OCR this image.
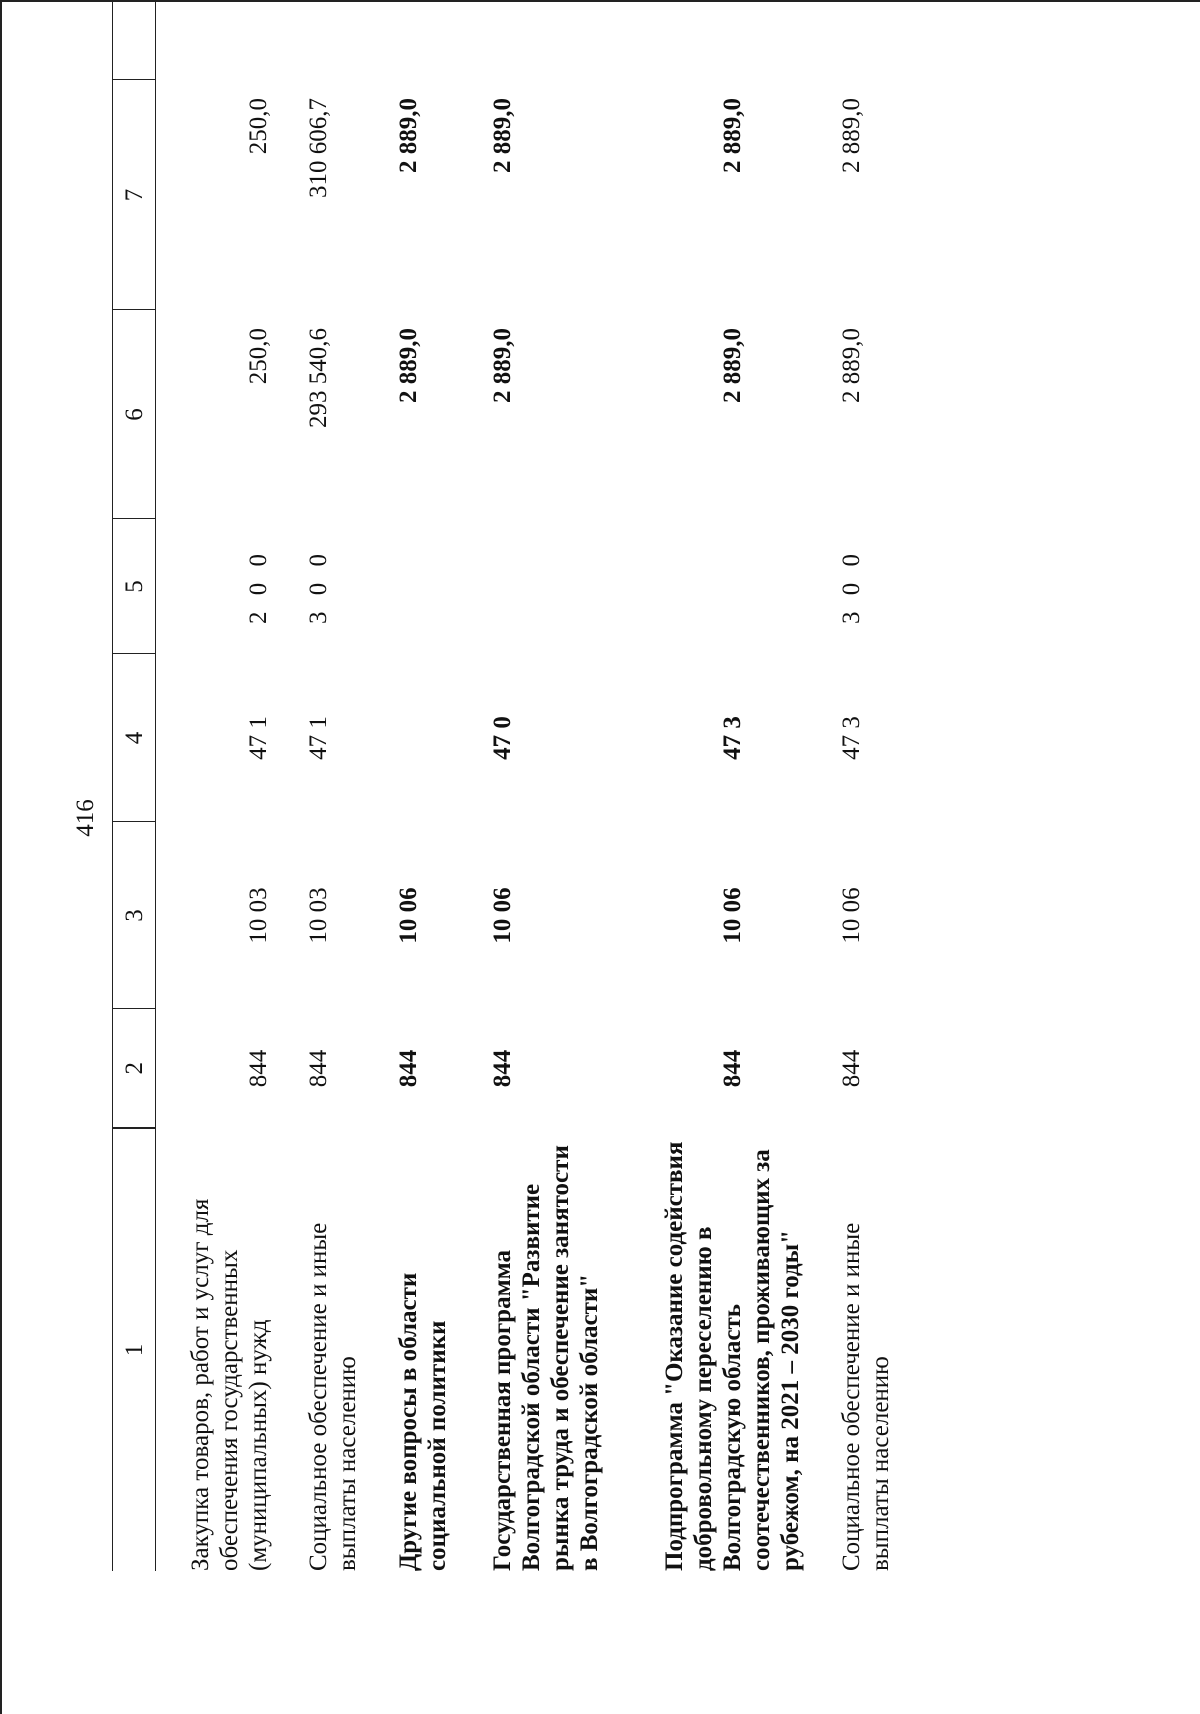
416
1	2	3	4	5	6	7	
Закупка товаров, работ и услуг для обеспечения государственных (муниципальных) нужд	844	10 03	47 1	2 0 0	250,0	250,0	
Социальное обеспечение и иные выплаты населению	844	10 03	47 1	3 0 0	293 540,6	310 606,7	
Другие вопросы в области социальной политики	844	10 06			2 889,0	2 889,0	
Государственная программа Волгоградской области "Развитие рынка труда и обеспечение занятости в Волгоградской области"	844	10 06	47 0		2 889,0	2 889,0	
Подпрограмма "Оказание содействия добровольному переселению в Волгоградскую область соотечественников, проживающих за рубежом, на 2021 – 2030 годы"	844	10 06	47 3		2 889,0	2 889,0	
Социальное обеспечение и иные выплаты населению	844	10 06	47 3	3 0 0	2 889,0	2 889,0	
